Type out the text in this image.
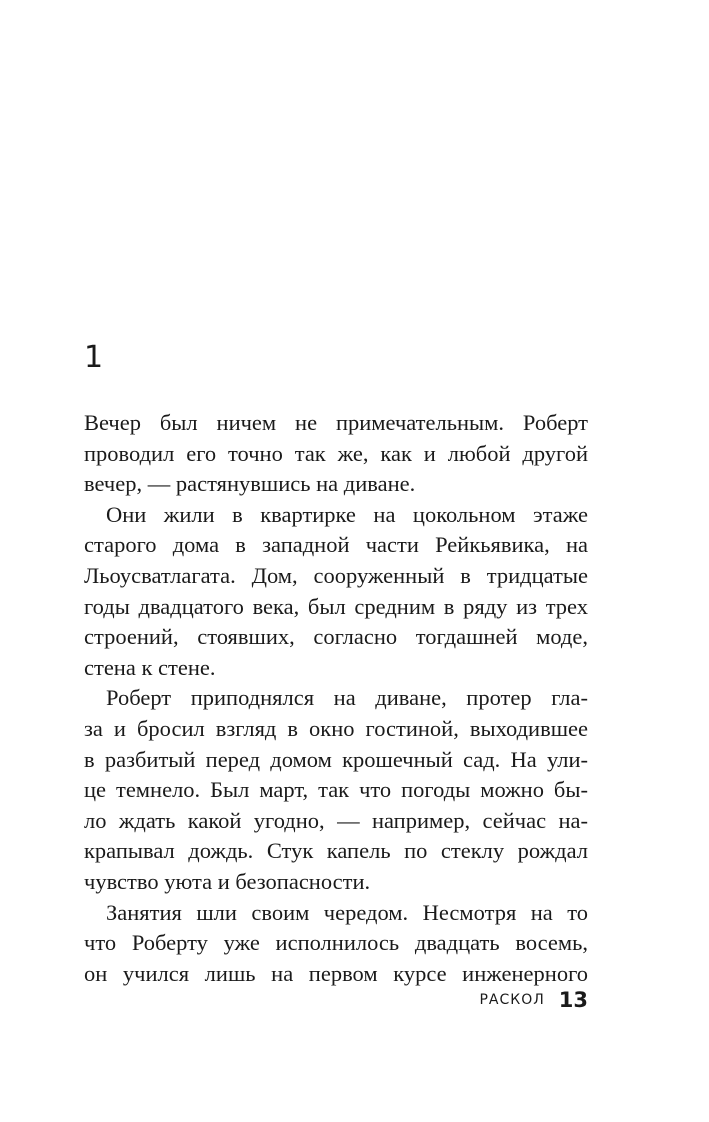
1
Вечер был ничем не примечательным. Роберт
проводил его точно так же, как и любой другой
вечер, — растянувшись на диване.
Они жили в квартирке на цокольном этаже
старого дома в западной части Рейкьявика, на
Льоусватлагата. Дом, сооруженный в тридцатые
годы двадцатого века, был средним в ряду из трех
строений, стоявших, согласно тогдашней моде,
стена к стене.
Роберт приподнялся на диване, протер гла-
за и бросил взгляд в окно гостиной, выходившее
в разбитый перед домом крошечный сад. На ули-
це темнело. Был март, так что погоды можно бы-
ло ждать какой угодно, — например, сейчас на-
крапывал дождь. Стук капель по стеклу рождал
чувство уюта и безопасности.
Занятия шли своим чередом. Несмотря на то
что Роберту уже исполнилось двадцать восемь,
он учился лишь на первом курсе инженерного
РАСКОЛ 13
